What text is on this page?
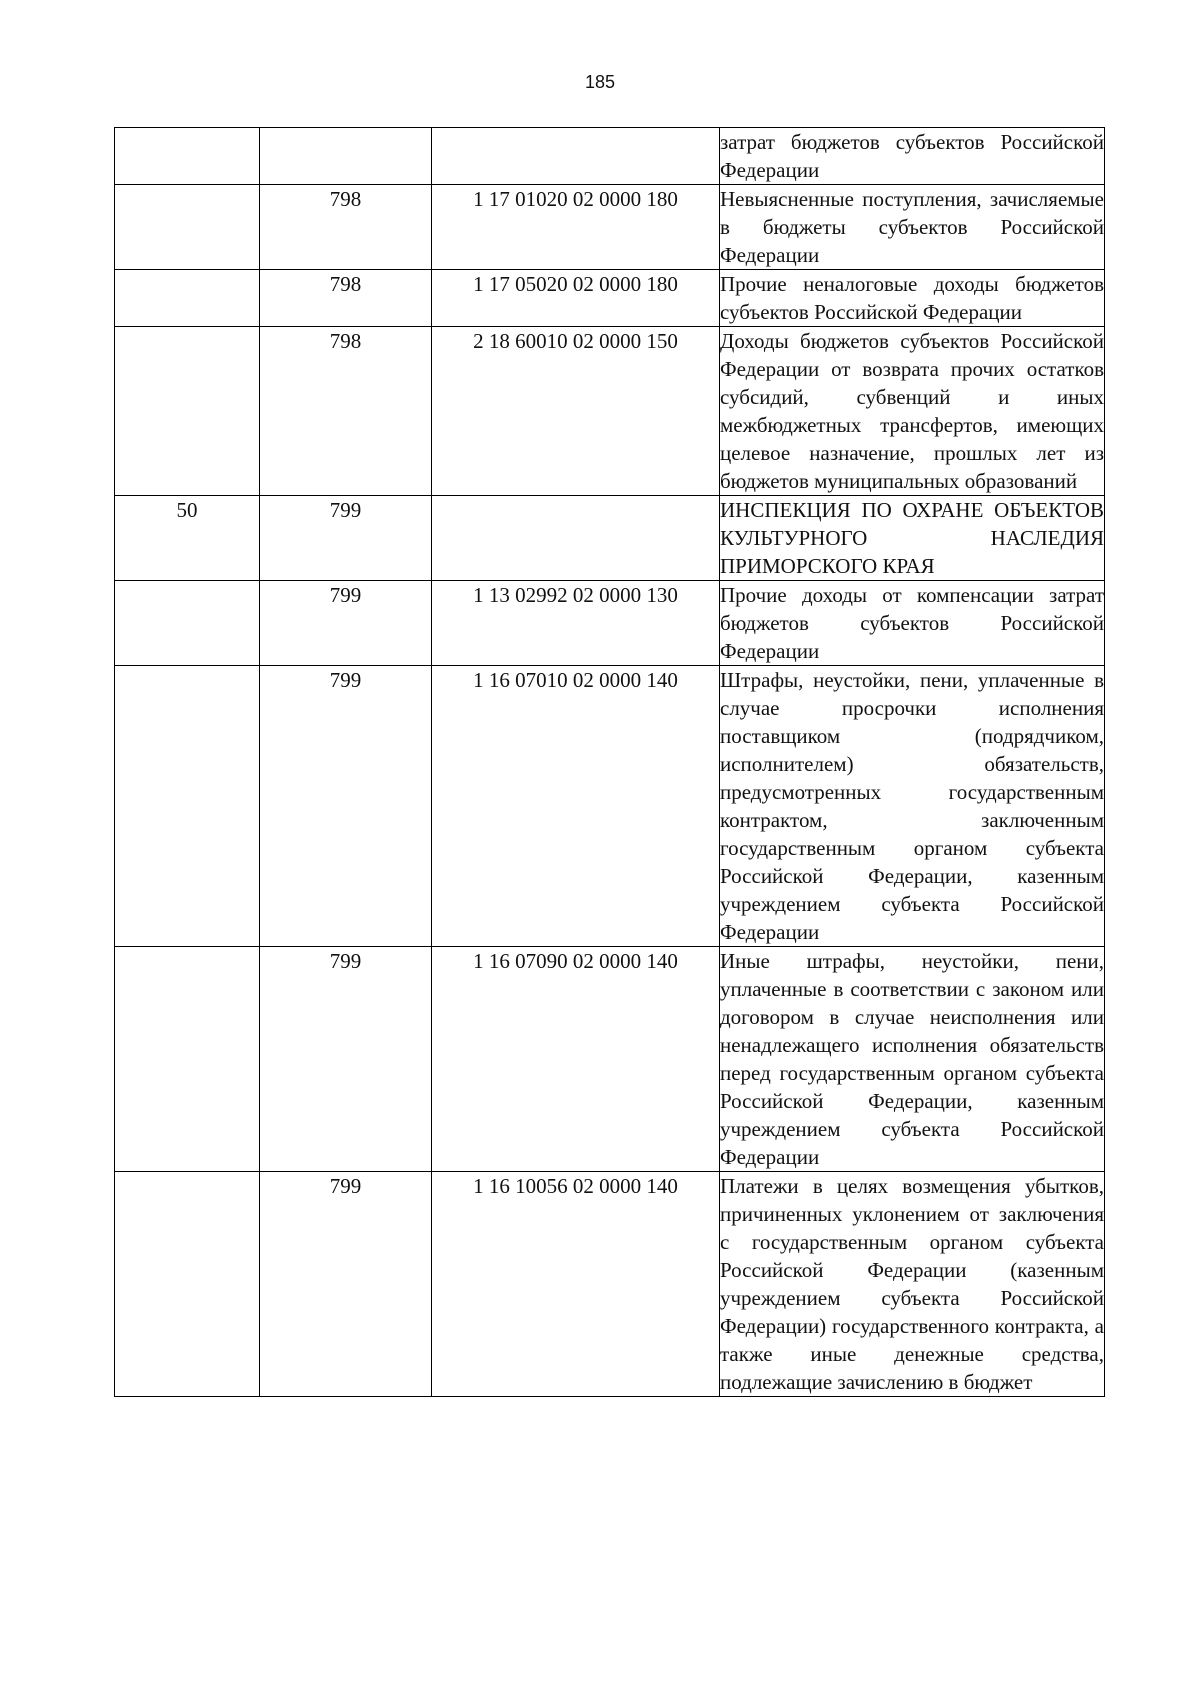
185
			затрат бюджетов субъектов Российской Федерации
	798	1 17 01020 02 0000 180	Невыясненные поступления, зачисляемые в бюджеты субъектов Российской Федерации
	798	1 17 05020 02 0000 180	Прочие неналоговые доходы бюджетов субъектов Российской Федерации
	798	2 18 60010 02 0000 150	Доходы бюджетов субъектов Российской Федерации от возврата прочих остатков субсидий, субвенций и иных межбюджетных трансфертов, имеющих целевое назначение, прошлых лет из бюджетов муниципальных образований
50	799		ИНСПЕКЦИЯ ПО ОХРАНЕ ОБЪЕКТОВ КУЛЬТУРНОГО НАСЛЕДИЯ ПРИМОРСКОГО КРАЯ
	799	1 13 02992 02 0000 130	Прочие доходы от компенсации затрат бюджетов субъектов Российской Федерации
	799	1 16 07010 02 0000 140	Штрафы, неустойки, пени, уплаченные в случае просрочки исполнения поставщиком (подрядчиком, исполнителем) обязательств, предусмотренных государственным контрактом, заключенным государственным органом субъекта Российской Федерации, казенным учреждением субъекта Российской Федерации
	799	1 16 07090 02 0000 140	Иные штрафы, неустойки, пени, уплаченные в соответствии с законом или договором в случае неисполнения или ненадлежащего исполнения обязательств перед государственным органом субъекта Российской Федерации, казенным учреждением субъекта Российской Федерации
	799	1 16 10056 02 0000 140	Платежи в целях возмещения убытков, причиненных уклонением от заключения с государственным органом субъекта Российской Федерации (казенным учреждением субъекта Российской Федерации) государственного контракта, а также иные денежные средства, подлежащие зачислению в бюджет
